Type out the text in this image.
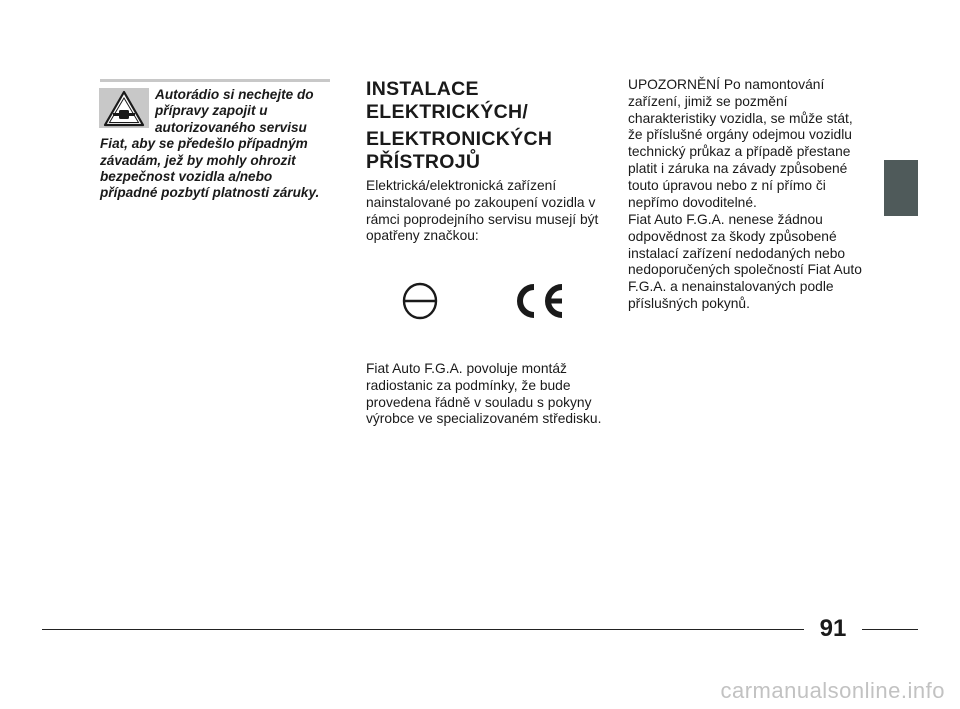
Autorádio si nechejte do přípravy zapojit u autorizovaného servisu Fiat, aby se předešlo případným závadám, jež by mohly ohrozit bezpečnost vozidla a/nebo případné pozbytí platnosti záruky.
INSTALACE
ELEKTRICKÝCH/
ELEKTRONICKÝCH
PŘÍSTROJŮ

Elektrická/elektronická zařízení nainstalované po zakoupení vozidla v rámci poprodejního servisu musejí být opatřeny značkou:

Fiat Auto F.G.A. povoluje montáž radiostanic za podmínky, že bude provedena řádně v souladu s pokyny výrobce ve specializovaném středisku.

UPOZORNĚNÍ Po namontování zařízení, jimiž se pozmění charakteristiky vozidla, se může stát, že příslušné orgány odejmou vozidlu technický průkaz a případě přestane platit i záruka na závady způsobené touto úpravou nebo z ní přímo či nepřímo dovoditelné.

Fiat Auto F.G.A. nenese žádnou odpovědnost za škody způsobené instalací zařízení nedodaných nebo nedoporučených společností Fiat Auto F.G.A. a nenainstalovaných podle příslušných pokynů.

91
carmanualsonline.info
